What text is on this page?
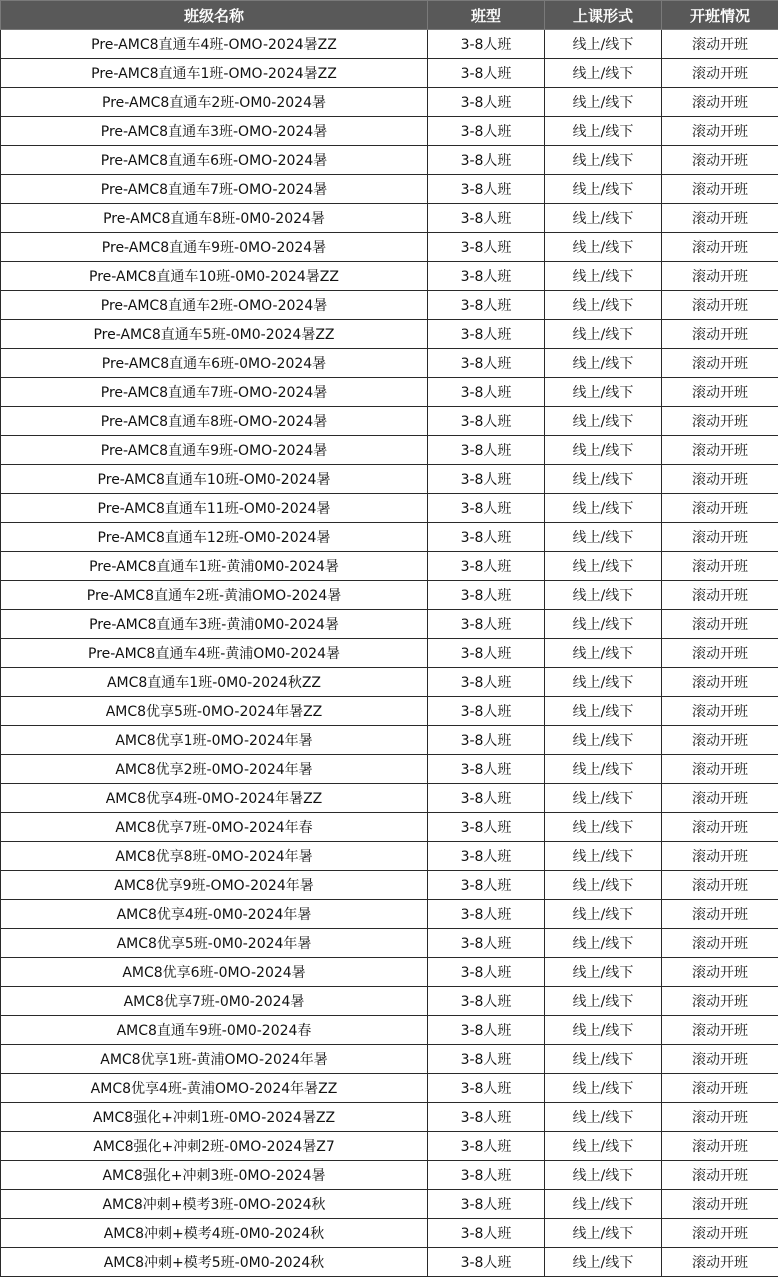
班级名称	班型	上课形式	开班情况
Pre-AMC8直通车4班-OMO-2024暑ZZ	3-8人班	线上/线下	滚动开班
Pre-AMC8直通车1班-OMO-2024暑ZZ	3-8人班	线上/线下	滚动开班
Pre-AMC8直通车2班-OM0-2024暑	3-8人班	线上/线下	滚动开班
Pre-AMC8直通车3班-OMO-2024暑	3-8人班	线上/线下	滚动开班
Pre-AMC8直通车6班-OMO-2024暑	3-8人班	线上/线下	滚动开班
Pre-AMC8直通车7班-OMO-2024暑	3-8人班	线上/线下	滚动开班
Pre-AMC8直通车8班-0M0-2024暑	3-8人班	线上/线下	滚动开班
Pre-AMC8直通车9班-0MO-2024暑	3-8人班	线上/线下	滚动开班
Pre-AMC8直通车10班-0M0-2024暑ZZ	3-8人班	线上/线下	滚动开班
Pre-AMC8直通车2班-OMO-2024暑	3-8人班	线上/线下	滚动开班
Pre-AMC8直通车5班-0M0-2024暑ZZ	3-8人班	线上/线下	滚动开班
Pre-AMC8直通车6班-0MO-2024暑	3-8人班	线上/线下	滚动开班
Pre-AMC8直通车7班-OMO-2024暑	3-8人班	线上/线下	滚动开班
Pre-AMC8直通车8班-OMO-2024暑	3-8人班	线上/线下	滚动开班
Pre-AMC8直通车9班-OMO-2024暑	3-8人班	线上/线下	滚动开班
Pre-AMC8直通车10班-OM0-2024暑	3-8人班	线上/线下	滚动开班
Pre-AMC8直通车11班-OM0-2024暑	3-8人班	线上/线下	滚动开班
Pre-AMC8直通车12班-OM0-2024暑	3-8人班	线上/线下	滚动开班
Pre-AMC8直通车1班-黄浦0M0-2024暑	3-8人班	线上/线下	滚动开班
Pre-AMC8直通车2班-黄浦OMO-2024暑	3-8人班	线上/线下	滚动开班
Pre-AMC8直通车3班-黄浦0M0-2024暑	3-8人班	线上/线下	滚动开班
Pre-AMC8直通车4班-黄浦OM0-2024暑	3-8人班	线上/线下	滚动开班
AMC8直通车1班-0M0-2024秋ZZ	3-8人班	线上/线下	滚动开班
AMC8优享5班-0MO-2024年暑ZZ	3-8人班	线上/线下	滚动开班
AMC8优享1班-0MO-2024年暑	3-8人班	线上/线下	滚动开班
AMC8优享2班-0MO-2024年暑	3-8人班	线上/线下	滚动开班
AMC8优享4班-0MO-2024年暑ZZ	3-8人班	线上/线下	滚动开班
AMC8优享7班-0MO-2024年春	3-8人班	线上/线下	滚动开班
AMC8优享8班-0MO-2024年暑	3-8人班	线上/线下	滚动开班
AMC8优享9班-OMO-2024年暑	3-8人班	线上/线下	滚动开班
AMC8优享4班-0M0-2024年暑	3-8人班	线上/线下	滚动开班
AMC8优享5班-0M0-2024年暑	3-8人班	线上/线下	滚动开班
AMC8优享6班-0MO-2024暑	3-8人班	线上/线下	滚动开班
AMC8优享7班-0M0-2024暑	3-8人班	线上/线下	滚动开班
AMC8直通车9班-0M0-2024春	3-8人班	线上/线下	滚动开班
AMC8优享1班-黄浦OMO-2024年暑	3-8人班	线上/线下	滚动开班
AMC8优享4班-黄浦OMO-2024年暑ZZ	3-8人班	线上/线下	滚动开班
AMC8强化+冲刺1班-0MO-2024暑ZZ	3-8人班	线上/线下	滚动开班
AMC8强化+冲刺2班-0MO-2024暑Z7	3-8人班	线上/线下	滚动开班
AMC8强化+冲刺3班-0MO-2024暑	3-8人班	线上/线下	滚动开班
AMC8冲刺+模考3班-0MO-2024秋	3-8人班	线上/线下	滚动开班
AMC8冲刺+模考4班-0M0-2024秋	3-8人班	线上/线下	滚动开班
AMC8冲刺+模考5班-0M0-2024秋	3-8人班	线上/线下	滚动开班
